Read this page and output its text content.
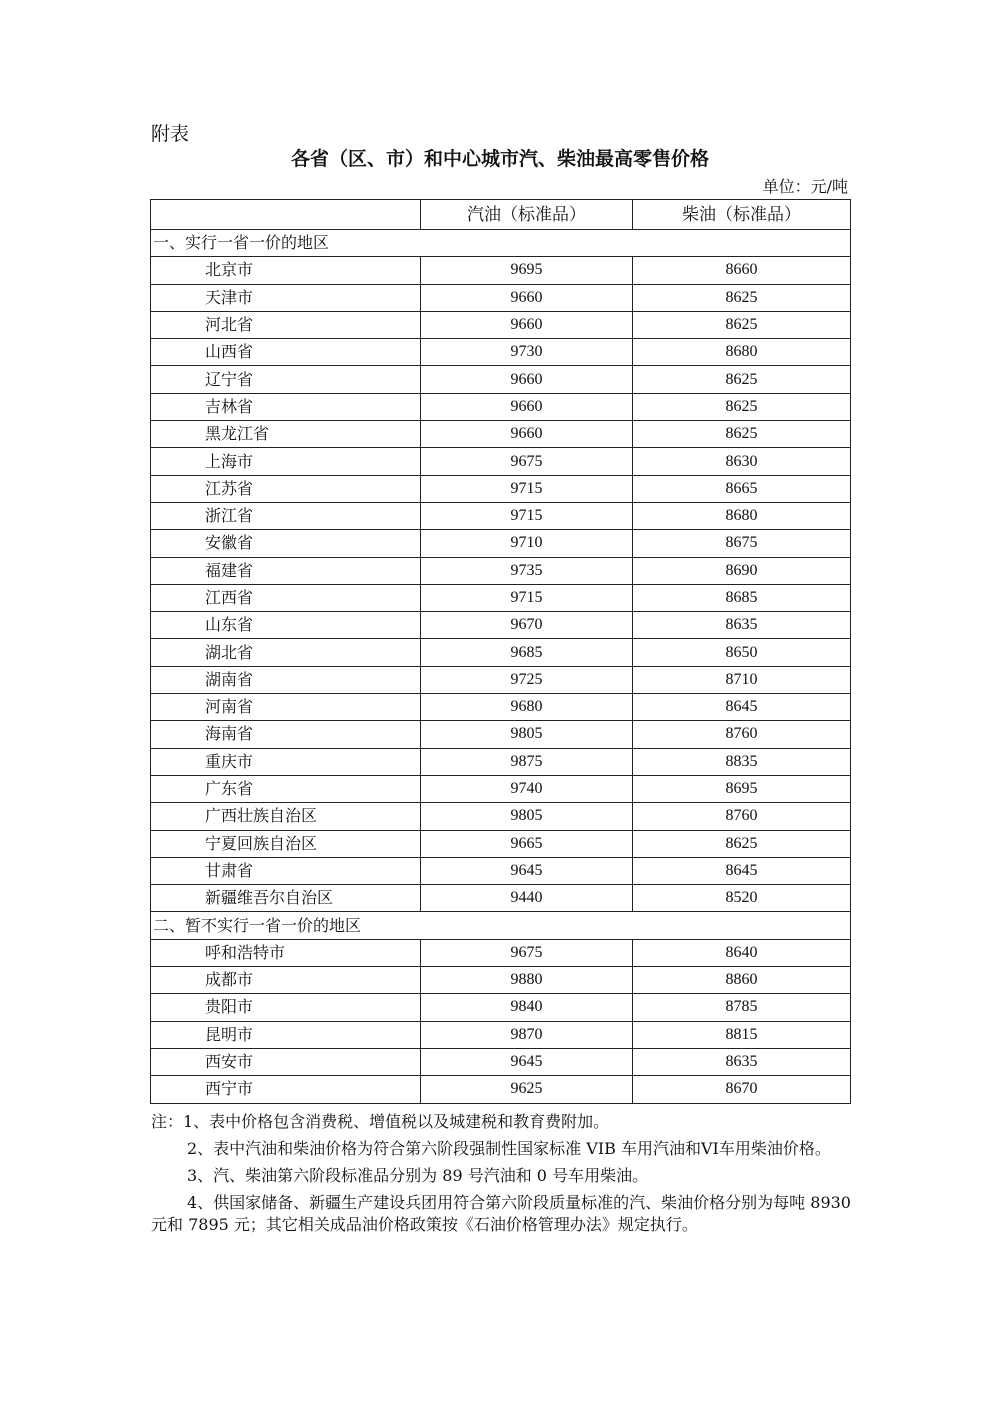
附表
各省（区、市）和中心城市汽、柴油最高零售价格
单位：元/吨
	汽油（标准品）	柴油（标准品）
一、实行一省一价的地区		
北京市	9695	8660
天津市	9660	8625
河北省	9660	8625
山西省	9730	8680
辽宁省	9660	8625
吉林省	9660	8625
黑龙江省	9660	8625
上海市	9675	8630
江苏省	9715	8665
浙江省	9715	8680
安徽省	9710	8675
福建省	9735	8690
江西省	9715	8685
山东省	9670	8635
湖北省	9685	8650
湖南省	9725	8710
河南省	9680	8645
海南省	9805	8760
重庆市	9875	8835
广东省	9740	8695
广西壮族自治区	9805	8760
宁夏回族自治区	9665	8625
甘肃省	9645	8645
新疆维吾尔自治区	9440	8520
二、暂不实行一省一价的地区		
呼和浩特市	9675	8640
成都市	9880	8860
贵阳市	9840	8785
昆明市	9870	8815
西安市	9645	8635
西宁市	9625	8670

注：1、表中价格包含消费税、增值税以及城建税和教育费附加。

2、表中汽油和柴油价格为符合第六阶段强制性国家标准 VIB 车用汽油和VI车用柴油价格。

3、汽、柴油第六阶段标准品分别为 89 号汽油和 0 号车用柴油。

4、供国家储备、新疆生产建设兵团用符合第六阶段质量标准的汽、柴油价格分别为每吨 8930 元和 7895 元；其它相关成品油价格政策按《石油价格管理办法》规定执行。
